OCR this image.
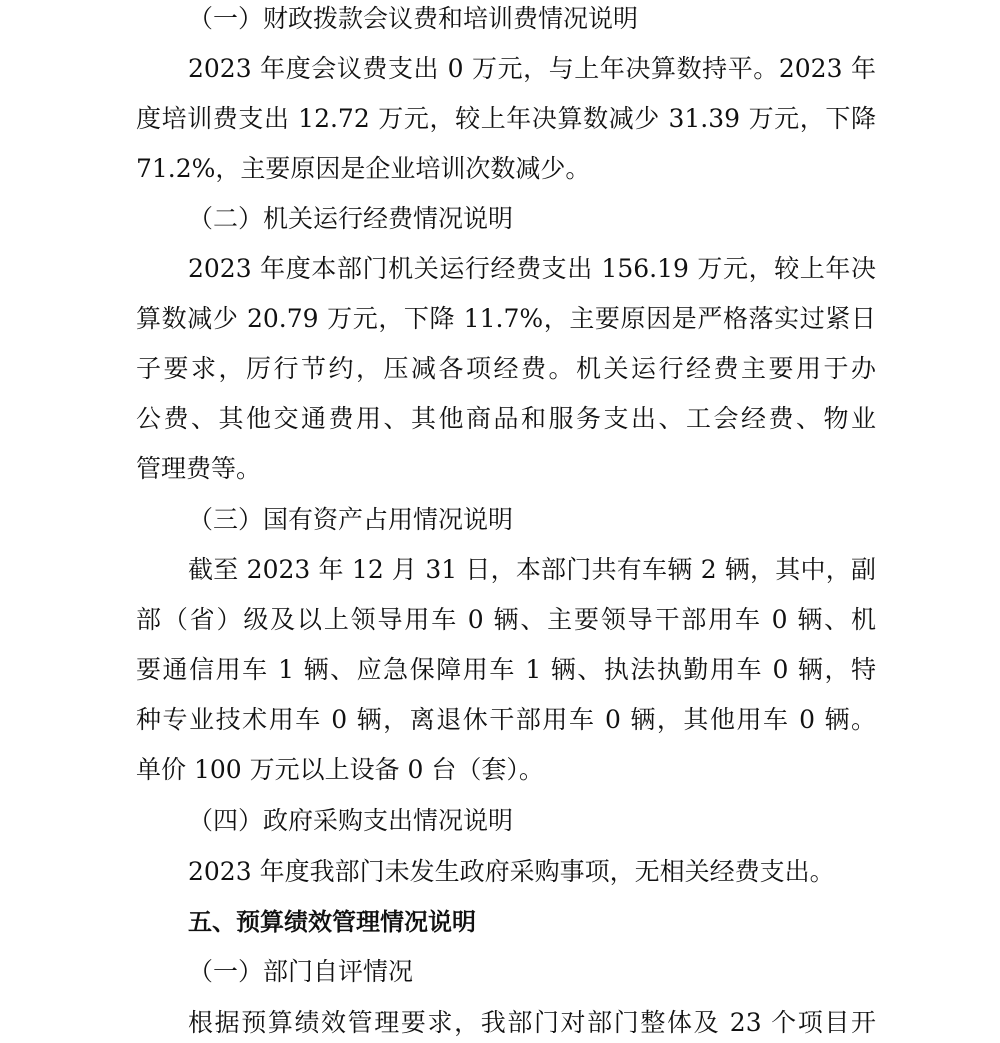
（一）财政拨款会议费和培训费情况说明
2023 年度会议费支出 0 万元，与上年决算数持平。2023 年
度培训费支出 12.72 万元，较上年决算数减少 31.39 万元，下降
71.2%，主要原因是企业培训次数减少。
（二）机关运行经费情况说明
2023 年度本部门机关运行经费支出 156.19 万元，较上年决
算数减少 20.79 万元，下降 11.7%，主要原因是严格落实过紧日
子要求，厉行节约，压减各项经费。机关运行经费主要用于办
公费、其他交通费用、其他商品和服务支出、工会经费、物业
管理费等。
（三）国有资产占用情况说明
截至 2023 年 12 月 31 日，本部门共有车辆 2 辆，其中，副
部（省）级及以上领导用车 0 辆、主要领导干部用车 0 辆、机
要通信用车 1 辆、应急保障用车 1 辆、执法执勤用车 0 辆，特
种专业技术用车 0 辆，离退休干部用车 0 辆，其他用车 0 辆。
单价 100 万元以上设备 0 台（套）。
（四）政府采购支出情况说明
2023 年度我部门未发生政府采购事项，无相关经费支出。
五、预算绩效管理情况说明
（一）部门自评情况
根据预算绩效管理要求，我部门对部门整体及 23 个项目开
